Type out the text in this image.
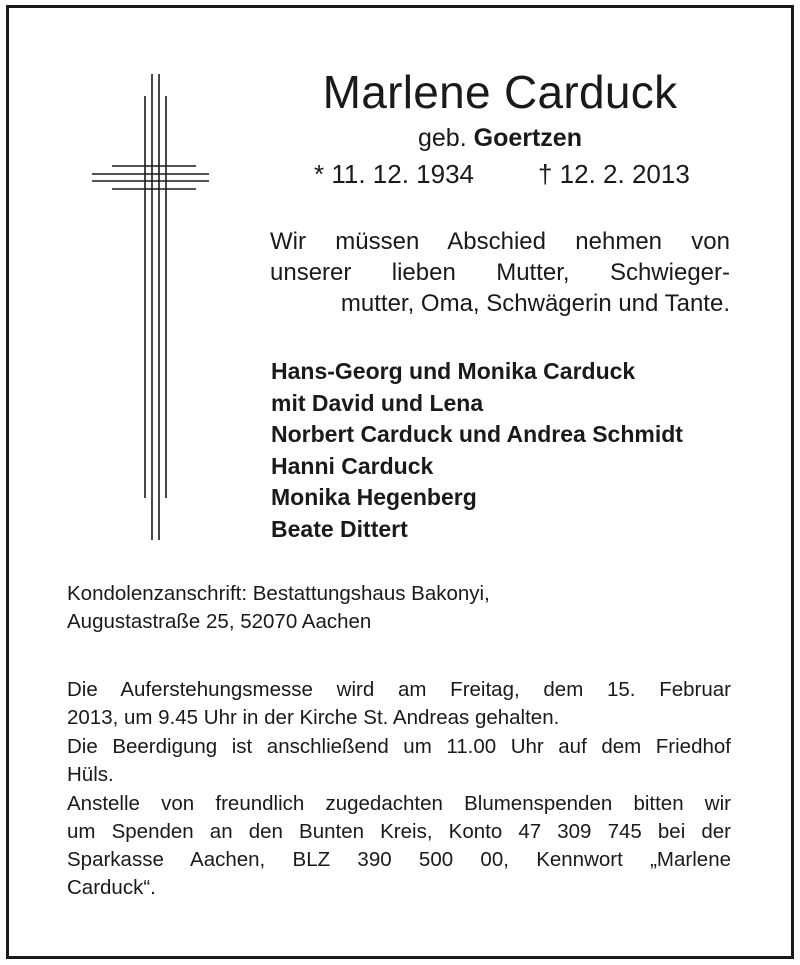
Marlene Carduck
geb. Goertzen
* 11. 12. 1934 † 12. 2. 2013
Wir müssen Abschied nehmen von
unserer lieben Mutter, Schwieger-
mutter, Oma, Schwägerin und Tante.
Hans-Georg und Monika Carduck
mit David und Lena
Norbert Carduck und Andrea Schmidt
Hanni Carduck
Monika Hegenberg
Beate Dittert
Kondolenzanschrift: Bestattungshaus Bakonyi,
Augustastraße 25, 52070 Aachen
Die Auferstehungsmesse wird am Freitag, dem 15. Februar
2013, um 9.45 Uhr in der Kirche St. Andreas gehalten.
Die Beerdigung ist anschließend um 11.00 Uhr auf dem Friedhof
Hüls.
Anstelle von freundlich zugedachten Blumenspenden bitten wir
um Spenden an den Bunten Kreis, Konto 47 309 745 bei der
Sparkasse Aachen, BLZ 390 500 00, Kennwort „Marlene
Carduck“.
